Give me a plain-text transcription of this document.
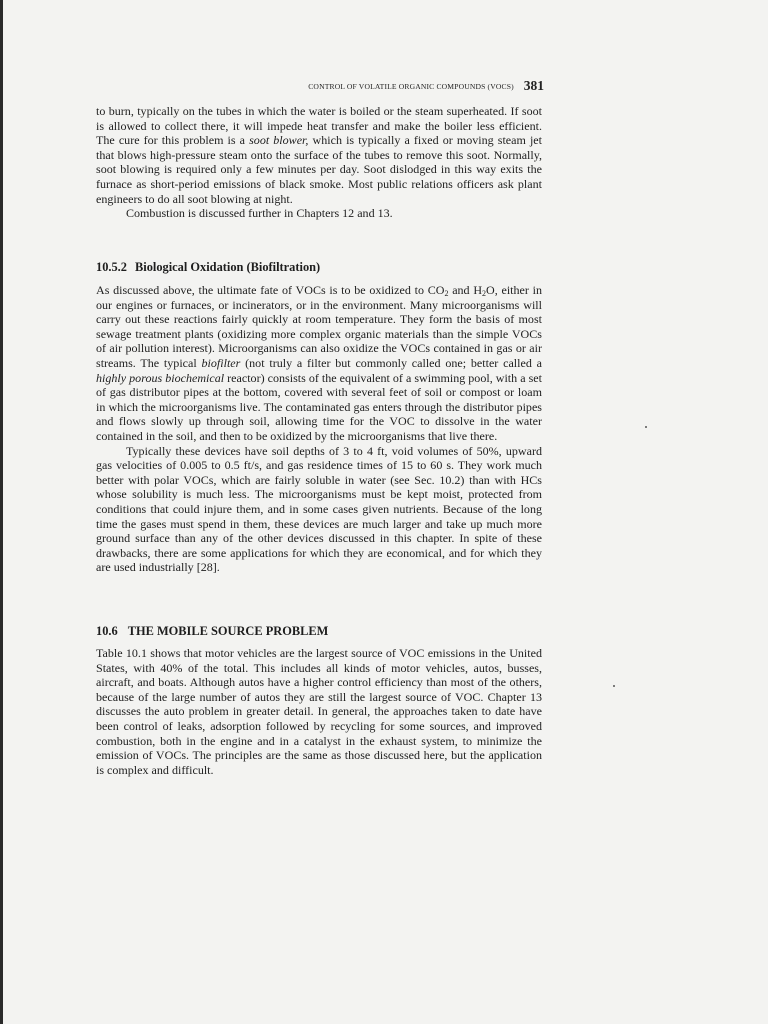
CONTROL OF VOLATILE ORGANIC COMPOUNDS (VOCS) 381

to burn, typically on the tubes in which the water is boiled or the steam superheated. If soot is allowed to collect there, it will impede heat transfer and make the boiler less efficient. The cure for this problem is a soot blower, which is typically a fixed or moving steam jet that blows high-pressure steam onto the surface of the tubes to remove this soot. Normally, soot blowing is required only a few minutes per day. Soot dislodged in this way exits the furnace as short-period emissions of black smoke. Most public relations officers ask plant engineers to do all soot blowing at night.

Combustion is discussed further in Chapters 12 and 13.

10.5.2 Biological Oxidation (Biofiltration)

As discussed above, the ultimate fate of VOCs is to be oxidized to $CO_2$ and $H_2O$, either in our engines or furnaces, or incinerators, or in the environment. Many microorganisms will carry out these reactions fairly quickly at room temperature. They form the basis of most sewage treatment plants (oxidizing more complex organic materials than the simple VOCs of air pollution interest). Microorganisms can also oxidize the VOCs contained in gas or air streams. The typical biofilter (not truly a filter but commonly called one; better called a highly porous biochemical reactor) consists of the equivalent of a swimming pool, with a set of gas distributor pipes at the bottom, covered with several feet of soil or compost or loam in which the microorganisms live. The contaminated gas enters through the distributor pipes and flows slowly up through soil, allowing time for the VOC to dissolve in the water contained in the soil, and then to be oxidized by the microorganisms that live there.

Typically these devices have soil depths of 3 to 4 ft, void volumes of 50%, upward gas velocities of 0.005 to 0.5 ft/s, and gas residence times of 15 to 60 s. They work much better with polar VOCs, which are fairly soluble in water (see Sec. 10.2) than with HCs whose solubility is much less. The microorganisms must be kept moist, protected from conditions that could injure them, and in some cases given nutrients. Because of the long time the gases must spend in them, these devices are much larger and take up much more ground surface than any of the other devices discussed in this chapter. In spite of these drawbacks, there are some applications for which they are economical, and for which they are used industrially [28].

10.6 THE MOBILE SOURCE PROBLEM

Table 10.1 shows that motor vehicles are the largest source of VOC emissions in the United States, with 40% of the total. This includes all kinds of motor vehicles, autos, busses, aircraft, and boats. Although autos have a higher control efficiency than most of the others, because of the large number of autos they are still the largest source of VOC. Chapter 13 discusses the auto problem in greater detail. In general, the approaches taken to date have been control of leaks, adsorption followed by recycling for some sources, and improved combustion, both in the engine and in a catalyst in the exhaust system, to minimize the emission of VOCs. The principles are the same as those discussed here, but the application is complex and difficult.
